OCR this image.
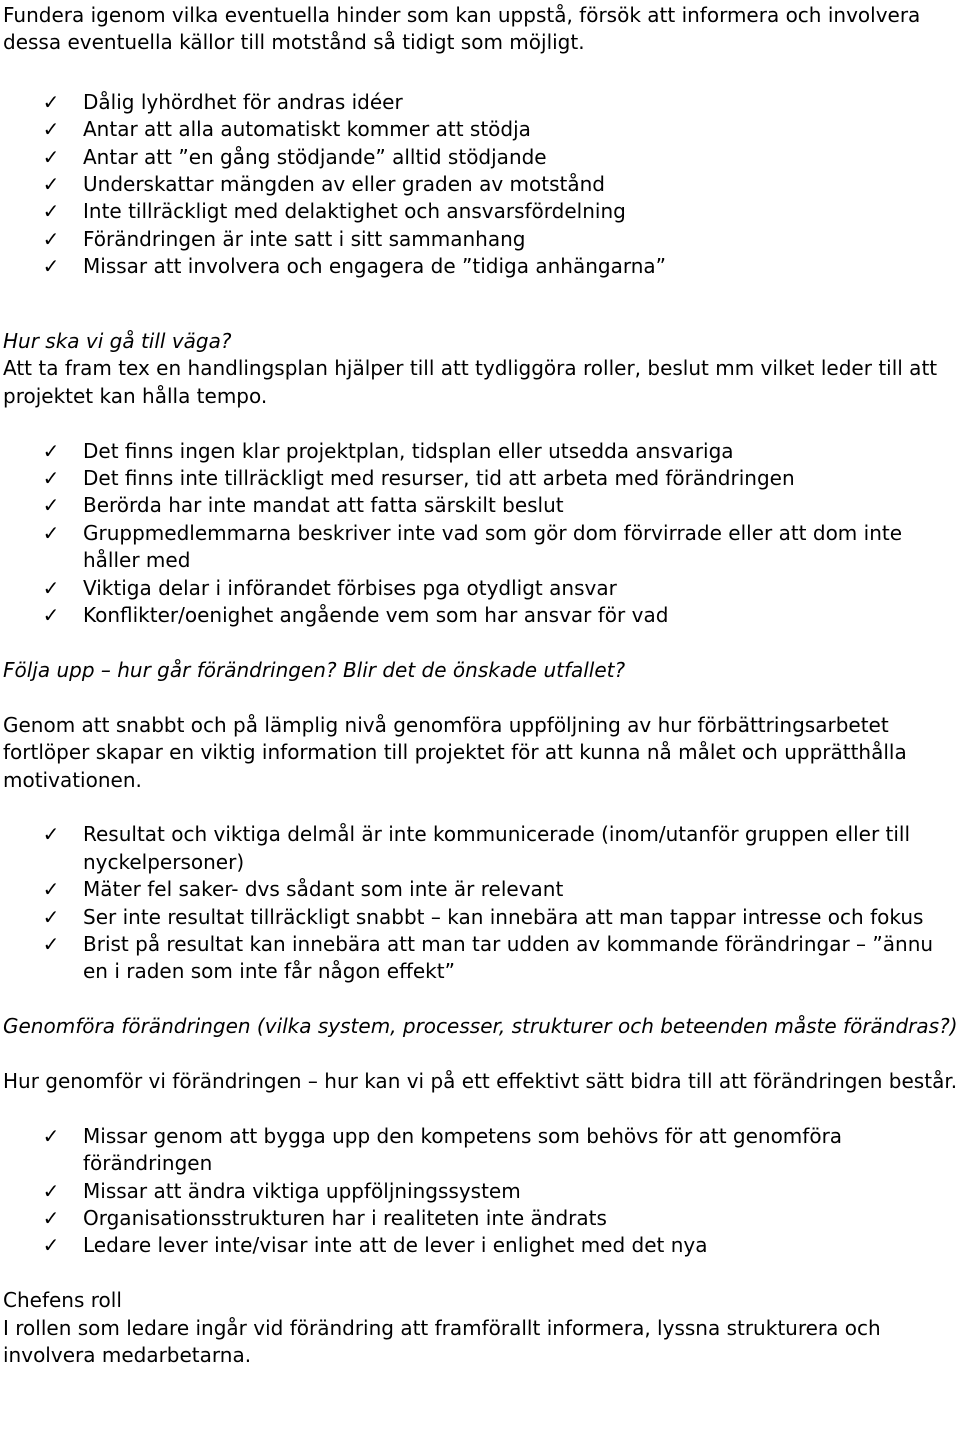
Fundera igenom vilka eventuella hinder som kan uppstå, försök att informera och involvera dessa eventuella källor till motstånd så tidigt som möjligt.

✓ Dålig lyhördhet för andras idéer
✓ Antar att alla automatiskt kommer att stödja
✓ Antar att ”en gång stödjande” alltid stödjande
✓ Underskattar mängden av eller graden av motstånd
✓ Inte tillräckligt med delaktighet och ansvarsfördelning
✓ Förändringen är inte satt i sitt sammanhang
✓ Missar att involvera och engagera de ”tidiga anhängarna”

Hur ska vi gå till väga?

Att ta fram tex en handlingsplan hjälper till att tydliggöra roller, beslut mm vilket leder till att projektet kan hålla tempo.

✓ Det finns ingen klar projektplan, tidsplan eller utsedda ansvariga
✓ Det finns inte tillräckligt med resurser, tid att arbeta med förändringen
✓ Berörda har inte mandat att fatta särskilt beslut
✓ Gruppmedlemmarna beskriver inte vad som gör dom förvirrade eller att dom inte håller med
✓ Viktiga delar i införandet förbises pga otydligt ansvar
✓ Konflikter/oenighet angående vem som har ansvar för vad

Följa upp – hur går förändringen? Blir det de önskade utfallet?

Genom att snabbt och på lämplig nivå genomföra uppföljning av hur förbättringsarbetet fortlöper skapar en viktig information till projektet för att kunna nå målet och upprätthålla motivationen.

✓ Resultat och viktiga delmål är inte kommunicerade (inom/utanför gruppen eller till nyckelpersoner)
✓ Mäter fel saker- dvs sådant som inte är relevant
✓ Ser inte resultat tillräckligt snabbt – kan innebära att man tappar intresse och fokus
✓ Brist på resultat kan innebära att man tar udden av kommande förändringar – ”ännu en i raden som inte får någon effekt”

Genomföra förändringen (vilka system, processer, strukturer och beteenden måste förändras?)

Hur genomför vi förändringen – hur kan vi på ett effektivt sätt bidra till att förändringen består.

✓ Missar genom att bygga upp den kompetens som behövs för att genomföra förändringen
✓ Missar att ändra viktiga uppföljningssystem
✓ Organisationsstrukturen har i realiteten inte ändrats
✓ Ledare lever inte/visar inte att de lever i enlighet med det nya

Chefens roll

I rollen som ledare ingår vid förändring att framförallt informera, lyssna strukturera och involvera medarbetarna.
